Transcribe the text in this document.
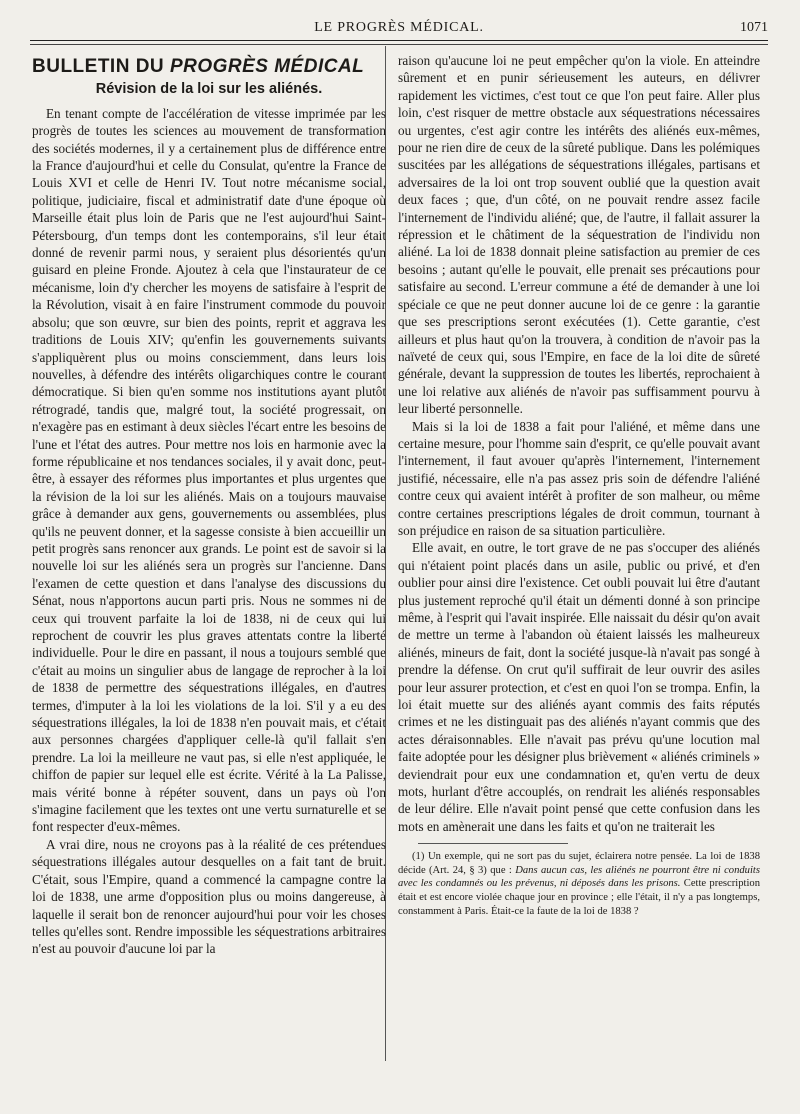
LE PROGRÈS MÉDICAL.	1071
BULLETIN DU PROGRÈS MÉDICAL
Révision de la loi sur les aliénés.

En tenant compte de l'accélération de vitesse imprimée par les progrès de toutes les sciences au mouvement de transformation des sociétés modernes, il y a certainement plus de différence entre la France d'aujourd'hui et celle du Consulat, qu'entre la France de Louis XVI et celle de Henri IV. Tout notre mécanisme social, politique, judiciaire, fiscal et administratif date d'une époque où Marseille était plus loin de Paris que ne l'est aujourd'hui Saint-Pétersbourg, d'un temps dont les contemporains, s'il leur était donné de revenir parmi nous, y seraient plus désorientés qu'un guisard en pleine Fronde. Ajoutez à cela que l'instaurateur de ce mécanisme, loin d'y chercher les moyens de satisfaire à l'esprit de la Révolution, visait à en faire l'instrument commode du pouvoir absolu; que son œuvre, sur bien des points, reprit et aggrava les traditions de Louis XIV; qu'enfin les gouvernements suivants s'appliquèrent plus ou moins consciemment, dans leurs lois nouvelles, à défendre des intérêts oligarchiques contre le courant démocratique. Si bien qu'en somme nos institutions ayant plutôt rétrogradé, tandis que, malgré tout, la société progressait, on n'exagère pas en estimant à deux siècles l'écart entre les besoins de l'une et l'état des autres. Pour mettre nos lois en harmonie avec la forme républicaine et nos tendances sociales, il y avait donc, peut-être, à essayer des réformes plus importantes et plus urgentes que la révision de la loi sur les aliénés. Mais on a toujours mauvaise grâce à demander aux gens, gouvernements ou assemblées, plus qu'ils ne peuvent donner, et la sagesse consiste à bien accueillir un petit progrès sans renoncer aux grands. Le point est de savoir si la nouvelle loi sur les aliénés sera un progrès sur l'ancienne. Dans l'examen de cette question et dans l'analyse des discussions du Sénat, nous n'apportons aucun parti pris. Nous ne sommes ni de ceux qui trouvent parfaite la loi de 1838, ni de ceux qui lui reprochent de couvrir les plus graves attentats contre la liberté individuelle. Pour le dire en passant, il nous a toujours semblé que c'était au moins un singulier abus de langage de reprocher à la loi de 1838 de permettre des séquestrations illégales, en d'autres termes, d'imputer à la loi les violations de la loi. S'il y a eu des séquestrations illégales, la loi de 1838 n'en pouvait mais, et c'était aux personnes chargées d'appliquer celle-là qu'il fallait s'en prendre. La loi la meilleure ne vaut pas, si elle n'est appliquée, le chiffon de papier sur lequel elle est écrite. Vérité à la La Palisse, mais vérité bonne à répéter souvent, dans un pays où l'on s'imagine facilement que les textes ont une vertu surnaturelle et se font respecter d'eux-mêmes.

A vrai dire, nous ne croyons pas à la réalité de ces prétendues séquestrations illégales autour desquelles on a fait tant de bruit. C'était, sous l'Empire, quand a commencé la campagne contre la loi de 1838, une arme d'opposition plus ou moins dangereuse, à laquelle il serait bon de renoncer aujourd'hui pour voir les choses telles qu'elles sont. Rendre impossible les séquestrations arbitraires n'est au pouvoir d'aucune loi par la

raison qu'aucune loi ne peut empêcher qu'on la viole. En atteindre sûrement et en punir sérieusement les auteurs, en délivrer rapidement les victimes, c'est tout ce que l'on peut faire. Aller plus loin, c'est risquer de mettre obstacle aux séquestrations nécessaires ou urgentes, c'est agir contre les intérêts des aliénés eux-mêmes, pour ne rien dire de ceux de la sûreté publique. Dans les polémiques suscitées par les allégations de séquestrations illégales, partisans et adversaires de la loi ont trop souvent oublié que la question avait deux faces ; que, d'un côté, on ne pouvait rendre assez facile l'internement de l'individu aliéné; que, de l'autre, il fallait assurer la répression et le châtiment de la séquestration de l'individu non aliéné. La loi de 1838 donnait pleine satisfaction au premier de ces besoins ; autant qu'elle le pouvait, elle prenait ses précautions pour satisfaire au second. L'erreur commune a été de demander à une loi spéciale ce que ne peut donner aucune loi de ce genre : la garantie que ses prescriptions seront exécutées (1). Cette garantie, c'est ailleurs et plus haut qu'on la trouvera, à condition de n'avoir pas la naïveté de ceux qui, sous l'Empire, en face de la loi dite de sûreté générale, devant la suppression de toutes les libertés, reprochaient à une loi relative aux aliénés de n'avoir pas suffisamment pourvu à leur liberté personnelle.

Mais si la loi de 1838 a fait pour l'aliéné, et même dans une certaine mesure, pour l'homme sain d'esprit, ce qu'elle pouvait avant l'internement, il faut avouer qu'après l'internement, l'internement justifié, nécessaire, elle n'a pas assez pris soin de défendre l'aliéné contre ceux qui avaient intérêt à profiter de son malheur, ou même contre certaines prescriptions légales de droit commun, tournant à son préjudice en raison de sa situation particulière.

Elle avait, en outre, le tort grave de ne pas s'occuper des aliénés qui n'étaient point placés dans un asile, public ou privé, et d'en oublier pour ainsi dire l'existence. Cet oubli pouvait lui être d'autant plus justement reproché qu'il était un démenti donné à son principe même, à l'esprit qui l'avait inspirée. Elle naissait du désir qu'on avait de mettre un terme à l'abandon où étaient laissés les malheureux aliénés, mineurs de fait, dont la société jusque-là n'avait pas songé à prendre la défense. On crut qu'il suffirait de leur ouvrir des asiles pour leur assurer protection, et c'est en quoi l'on se trompa. Enfin, la loi était muette sur des aliénés ayant commis des faits réputés crimes et ne les distinguait pas des aliénés n'ayant commis que des actes déraisonnables. Elle n'avait pas prévu qu'une locution mal faite adoptée pour les désigner plus brièvement « aliénés criminels » deviendrait pour eux une condamnation et, qu'en vertu de deux mots, hurlant d'être accouplés, on rendrait les aliénés responsables de leur délire. Elle n'avait point pensé que cette confusion dans les mots en amènerait une dans les faits et qu'on ne traiterait les

(1) Un exemple, qui ne sort pas du sujet, éclairera notre pensée. La loi de 1838 décide (Art. 24, § 3) que : Dans aucun cas, les aliénés ne pourront être ni conduits avec les condamnés ou les prévenus, ni déposés dans les prisons. Cette prescription était et est encore violée chaque jour en province ; elle l'était, il n'y a pas longtemps, constamment à Paris. Était-ce la faute de la loi de 1838 ?
